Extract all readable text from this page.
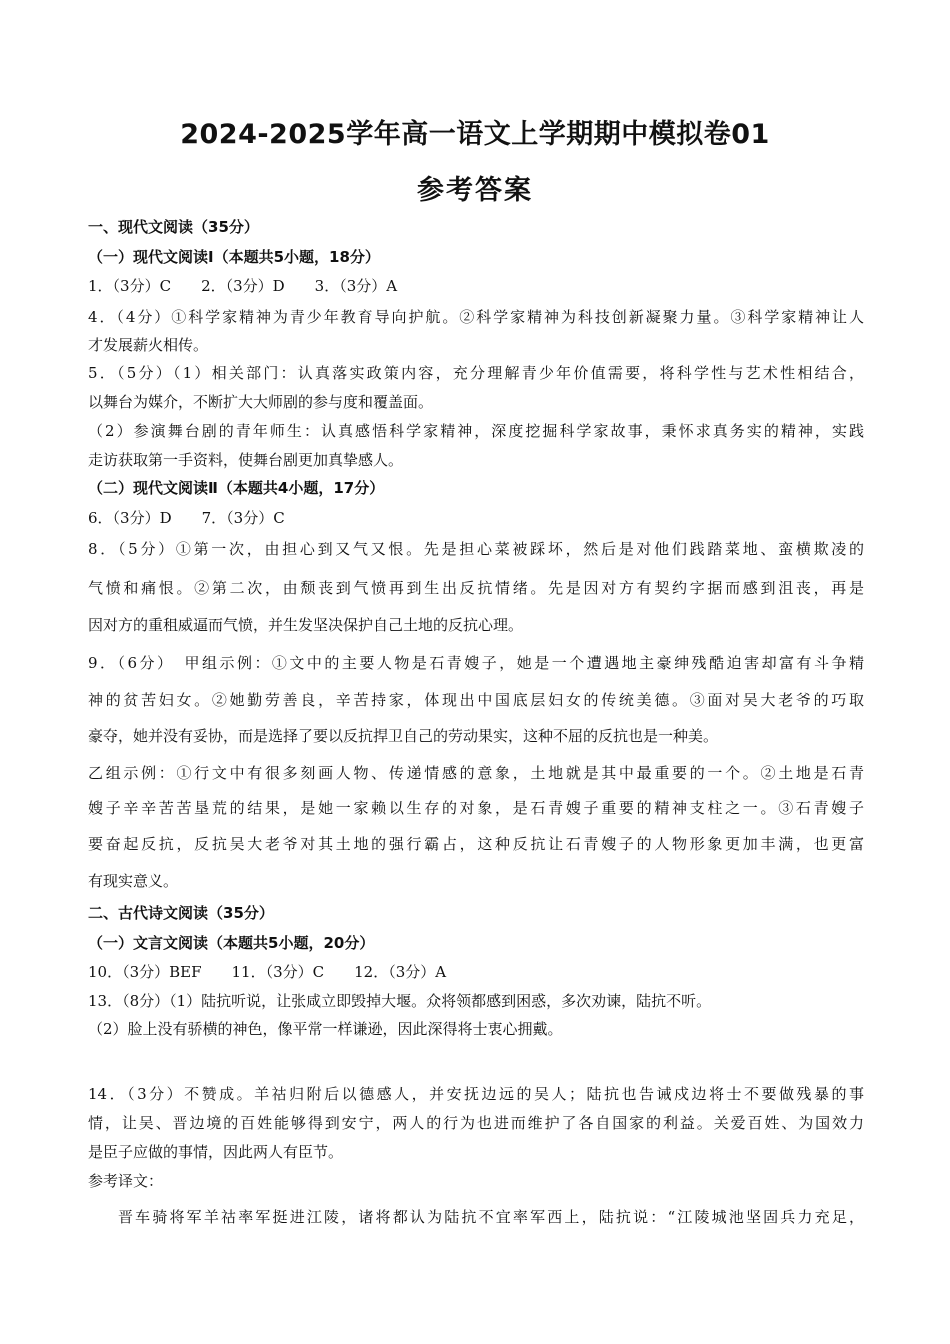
2024-2025学年高一语文上学期期中模拟卷01
参考答案
一、现代文阅读（35分）
（一）现代文阅读Ⅰ（本题共5小题，18分）
1．（3分）C　　2．（3分）D　　3．（3分）A
4．（4分）①科学家精神为青少年教育导向护航。②科学家精神为科技创新凝聚力量。③科学家精神让人
才发展薪火相传。
5．（5分）（1）相关部门：认真落实政策内容，充分理解青少年价值需要，将科学性与艺术性相结合，
以舞台为媒介，不断扩大大师剧的参与度和覆盖面。
（2）参演舞台剧的青年师生：认真感悟科学家精神，深度挖掘科学家故事，秉怀求真务实的精神，实践
走访获取第一手资料，使舞台剧更加真挚感人。
（二）现代文阅读Ⅱ（本题共4小题，17分）
6．（3分）D　　7．（3分）C
8．（5分）①第一次，由担心到又气又恨。先是担心菜被踩坏，然后是对他们践踏菜地、蛮横欺凌的
气愤和痛恨。②第二次，由颓丧到气愤再到生出反抗情绪。先是因对方有契约字据而感到沮丧，再是
因对方的重租威逼而气愤，并生发坚决保护自己土地的反抗心理。
9．（6分）　甲组示例：①文中的主要人物是石青嫂子，她是一个遭遇地主豪绅残酷迫害却富有斗争精
神的贫苦妇女。②她勤劳善良，辛苦持家，体现出中国底层妇女的传统美德。③面对吴大老爷的巧取
豪夺，她并没有妥协，而是选择了要以反抗捍卫自己的劳动果实，这种不屈的反抗也是一种美。
乙组示例：①行文中有很多刻画人物、传递情感的意象，土地就是其中最重要的一个。②土地是石青
嫂子辛辛苦苦垦荒的结果，是她一家赖以生存的对象，是石青嫂子重要的精神支柱之一。③石青嫂子
要奋起反抗，反抗吴大老爷对其土地的强行霸占，这种反抗让石青嫂子的人物形象更加丰满，也更富
有现实意义。
二、古代诗文阅读（35分）
（一）文言文阅读（本题共5小题，20分）
10．（3分）BEF　　11．（3分）C　　12．（3分）A
13．（8分）（1）陆抗听说，让张咸立即毁掉大堰。众将领都感到困惑，多次劝谏，陆抗不听。
（2）脸上没有骄横的神色，像平常一样谦逊，因此深得将士衷心拥戴。
14．（3分）不赞成。羊祜归附后以德感人，并安抚边远的吴人；陆抗也告诫戍边将士不要做残暴的事
情，让吴、晋边境的百姓能够得到安宁，两人的行为也进而维护了各自国家的利益。关爱百姓、为国效力
是臣子应做的事情，因此两人有臣节。
参考译文：
晋车骑将军羊祜率军挺进江陵，诸将都认为陆抗不宜率军西上，陆抗说：“江陵城池坚固兵力充足，
